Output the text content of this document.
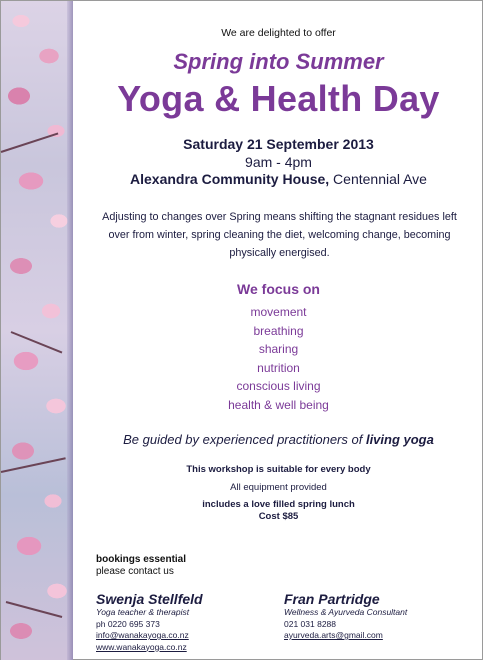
We are delighted to offer
Spring into Summer
Yoga & Health Day
Saturday 21 September 2013
9am - 4pm
Alexandra Community House, Centennial Ave
Adjusting to changes over Spring means shifting the stagnant residues left over from winter, spring cleaning the diet, welcoming change, becoming physically energised.
We focus on
movement
breathing
sharing
nutrition
conscious living
health & well being
Be guided by experienced practitioners of living yoga
This workshop is suitable for every body
All equipment provided
includes a love filled spring lunch
Cost $85
bookings essential
please contact us
Swenja Stellfeld
Yoga teacher & therapist
ph 0220 695 373
info@wanakayoga.co.nz
www.wanakayoga.co.nz
Fran Partridge
Wellness & Ayurveda Consultant
021 031 8288
ayurveda.arts@gmail.com
